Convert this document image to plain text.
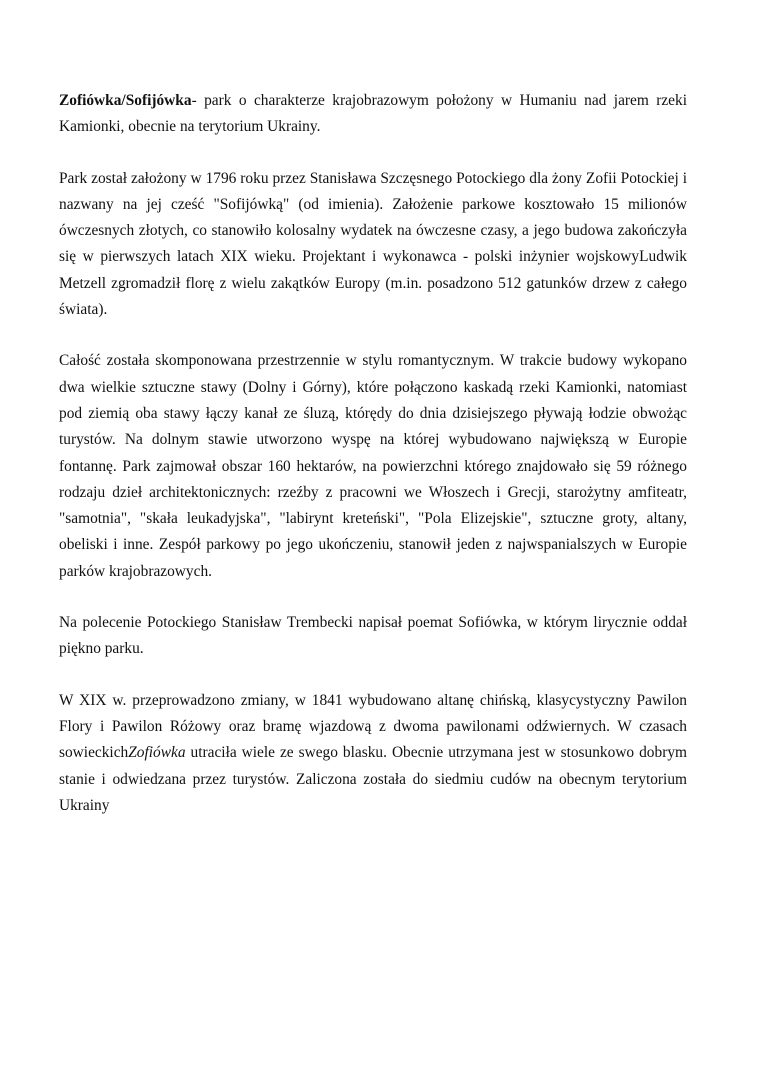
Zofiówka/Sofijówka- park o charakterze krajobrazowym położony w Humaniu nad jarem rzeki Kamionki, obecnie na terytorium Ukrainy.

Park został założony w 1796 roku przez Stanisława Szczęsnego Potockiego dla żony Zofii Potockiej i nazwany na jej cześć "Sofijówką" (od imienia). Założenie parkowe kosztowało 15 milionów ówczesnych złotych, co stanowiło kolosalny wydatek na ówczesne czasy, a jego budowa zakończyła się w pierwszych latach XIX wieku. Projektant i wykonawca - polski inżynier wojskowyLudwik Metzell zgromadził florę z wielu zakątków Europy (m.in. posadzono 512 gatunków drzew z całego świata).

Całość została skomponowana przestrzennie w stylu romantycznym. W trakcie budowy wykopano dwa wielkie sztuczne stawy (Dolny i Górny), które połączono kaskadą rzeki Kamionki, natomiast pod ziemią oba stawy łączy kanał ze śluzą, którędy do dnia dzisiejszego pływają łodzie obwożąc turystów. Na dolnym stawie utworzono wyspę na której wybudowano największą w Europie fontannę. Park zajmował obszar 160 hektarów, na powierzchni którego znajdowało się 59 różnego rodzaju dzieł architektonicznych: rzeźby z pracowni we Włoszech i Grecji, starożytny amfiteatr, "samotnia", "skała leukadyjska", "labirynt kreteński", "Pola Elizejskie", sztuczne groty, altany, obeliski i inne. Zespół parkowy po jego ukończeniu, stanowił jeden z najwspanialszych w Europie parków krajobrazowych.

Na polecenie Potockiego Stanisław Trembecki napisał poemat Sofiówka, w którym lirycznie oddał piękno parku.

W XIX w. przeprowadzono zmiany, w 1841 wybudowano altanę chińską, klasycystyczny Pawilon Flory i Pawilon Różowy oraz bramę wjazdową z dwoma pawilonami odźwiernych. W czasach sowieckichZofiówka utraciła wiele ze swego blasku. Obecnie utrzymana jest w stosunkowo dobrym stanie i odwiedzana przez turystów. Zaliczona została do siedmiu cudów na obecnym terytorium Ukrainy
